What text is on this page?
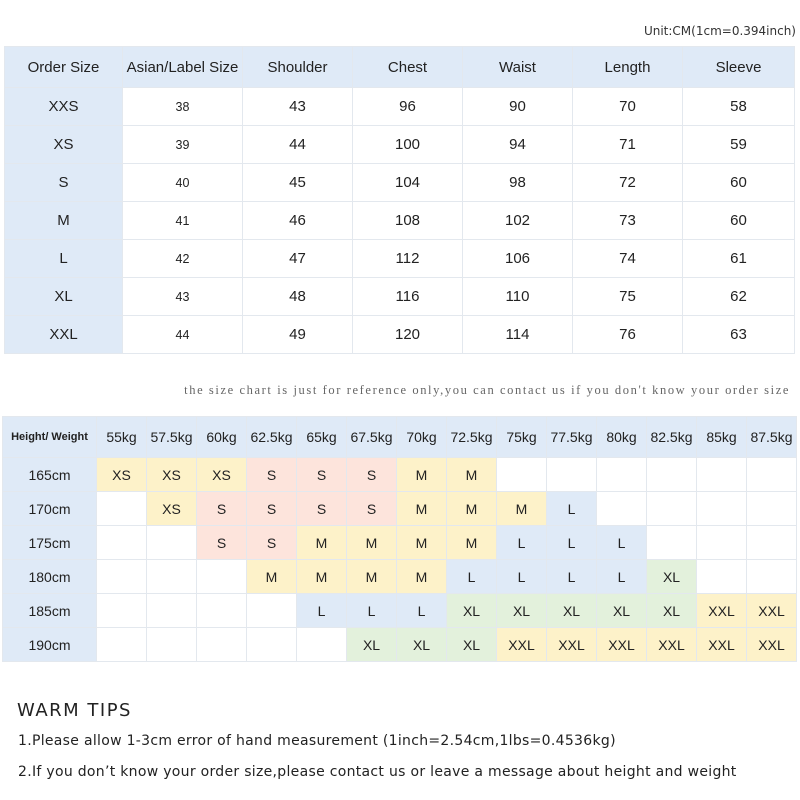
Unit:CM(1cm=0.394inch)
Order Size	Asian/Label Size	Shoulder	Chest	Waist	Length	Sleeve
XXS	38	43	96	90	70	58
XS	39	44	100	94	71	59
S	40	45	104	98	72	60
M	41	46	108	102	73	60
L	42	47	112	106	74	61
XL	43	48	116	110	75	62
XXL	44	49	120	114	76	63
the size chart is just for reference only,you can contact us if you don't know your order size
Height/ Weight	55kg	57.5kg	60kg	62.5kg	65kg	67.5kg	70kg	72.5kg	75kg	77.5kg	80kg	82.5kg	85kg	87.5kg
165cm	XS	XS	XS	S	S	S	M	M						
170cm		XS	S	S	S	S	M	M	M	L				
175cm			S	S	M	M	M	M	L	L	L			
180cm				M	M	M	M	L	L	L	L	XL		
185cm					L	L	L	XL	XL	XL	XL	XL	XXL	XXL
190cm						XL	XL	XL	XXL	XXL	XXL	XXL	XXL	XXL
WARM TIPS
1.Please allow 1-3cm error of hand measurement (1inch=2.54cm,1lbs=0.4536kg)
2.If you don’t know your order size,please contact us or leave a message about height and weight
